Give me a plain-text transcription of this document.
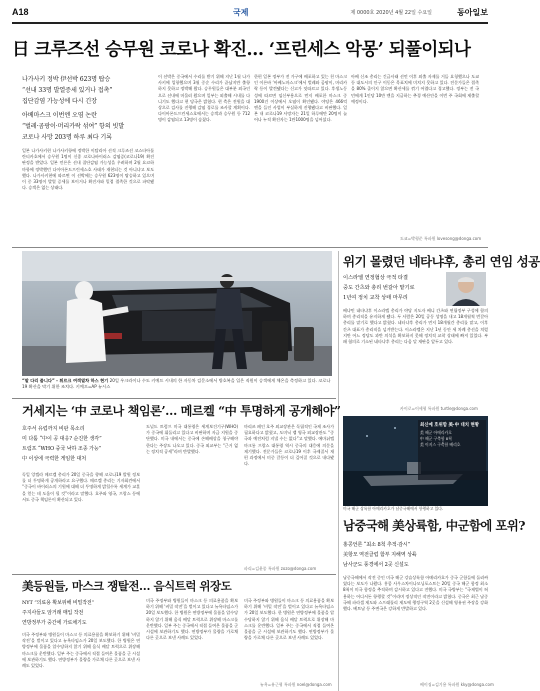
A18	국제	제 0000호 2020년 4월 22일 수요일	동아일보
日 크루즈선 승무원 코로나 확진… ‘프린세스 악몽’ 되풀이되나
나가사키 정박 伊선박 623명 탑승
“선내 33명 발열증세 있거나 접촉”
집단감염 가능성에 다시 긴장
아베마스크 이번엔 오염 논란
“벌레·곰팡이·머리카락 섞여” 항의 빗발
코로나 사망 203명 하루 최다 기록
일본 나가사키현 나가사키항에 정박한 이탈리아 선적 크루즈선 코스타아틀란티카호에서 승무원 1명이 신종 코로나바이러스 감염증(코로나19) 확진 판정을 받았다. 일본 언론은 선내 집단감염 가능성을 우려하며 2월 요코하마항에 정박했던 다이아몬드프린세스호 사태가 재현되는 것 아니냐고 보도했다. 나가사키현에 따르면 이 선박에는 승무원 623명이 탑승하고 있으며 이 중 33명이 발열 증세를 보이거나 확진자와 밀접 접촉한 것으로 파악됐다. 승객은 없는 상태다.
이 선박은 중국에서 수리를 받기 위해 지난 1월 나가사키에 입항했으며 3월 중순 수리가 끝났지만 출항하지 못하고 정박해 왔다. 승무원들은 대부분 외국인으로 선내에 머물러 왔으며 일부는 외출해 시내를 다니기도 했다고 현 당국은 밝혔다. 현 측은 전원을 대상으로 검사를 진행해 감염 경로를 조사할 계획이다. 다이아몬드프린세스호에서는 승객과 승무원 등 712명이 감염되고 13명이 숨졌다.
한편 일본 정부가 전 가구에 배포하고 있는 천 마스크인 이른바 ‘아베노마스크’에서 벌레와 곰팡이, 머리카락 등이 발견됐다는 신고가 잇따르고 있다. 후생노동성에 따르면 임신부용으로 먼저 배포한 마스크 중 1900건 이상에서 오염이 확인됐다. 야당은 466억 엔을 들인 사업이 부실하게 진행됐다고 비판했다. 일본 내 코로나19 사망자는 21일 하루에만 20명이 늘어나 누적 확진자는 1만1000명을 넘어섰다.
아베 신조 총리는 긴급사태 선언 이후 외출 자제를 거듭 요청했으나 도쿄 등 대도시의 인구 이동은 목표치에 미치지 못하고 있다. 전문가들은 접촉을 80% 줄이지 않으면 확산세를 꺾기 어렵다고 경고했다. 정부는 전 국민에게 1인당 10만 엔을 지급하는 추경 예산안을 이번 주 국회에 제출할 예정이다.
도쿄=박형준 특파원 lovesong@donga.com
“말 다리 줍니다” - 튀르크 여객열차 하스 현기 20일 우크라이나 수도 키예프 시내의 한 자동차 검문소에서 방호복을 입은 직원이 승객에게 체온을 측정하고 있다. 코로나19 확산을 막기 위한 조치다. 키예프=AP 뉴시스
위기 몰렸던 네타냐후, 총리 연임 성공
이스라엘 연정협상 극적 타결
중도 간츠와 총리 번갈아 맡기로
1년여 정치 교착 상태 마무리
베냐민 네타냐후 이스라엘 총리가 야당 지도자 베니 간츠와 연립정부 구성에 합의하며 총리직을 유지하게 됐다. 두 사람은 20일 공동 성명을 내고 18개월씩 번갈아 총리를 맡기로 했다고 밝혔다. 네타냐후 총리가 먼저 18개월간 총리를 맡고, 이후 간츠 대표가 총리직을 넘겨받는다. 이스라엘은 지난 1년 동안 세 차례 총선을 치렀지만 어느 정당도 과반 의석을 확보하지 못해 정치적 교착 상태에 빠져 있었다. 부패 혐의로 기소된 네타냐후 총리는 다음 달 재판을 앞두고 있다.
카이로=이세형 특파원 turtle@donga.com
거세지는 ‘中 코로나 책임론’… 메르켈 “中 투명하게 공개해야”
호주서 유럽까지 비판 목소리
미 다툼 “中이 공 대응? 순진한 생각”
트럼프 “WHO 중국 낙하 조종 가능”
中 이상에 극력한 게임한 대처
독일 앙겔라 메르켈 총리가 20일 중국을 향해 코로나19 발원 정보를 더 투명하게 공개하라고 요구했다. 메르켈 총리는 기자회견에서 “중국이 바이러스의 기원에 대해 더 투명하게 밝힐수록 세계가 교훈을 얻는 데 도움이 될 것”이라고 말했다. 호주와 영국, 프랑스 등에서도 중국 책임론이 확산되고 있다.
도널드 트럼프 미국 대통령은 세계보건기구(WHO)가 중국에 휘둘리고 있다고 비판하며 자금 지원을 중단했다. 미국 내에서는 중국에 손해배상을 청구해야 한다는 주장도 나오고 있다. 중국 외교부는 “근거 없는 정치적 공세”라며 반발했다.
마리즈 페인 호주 외교장관은 독립적인 국제 조사가 필요하다고 밝혔고, 도미닉 랩 영국 외교장관도 “중국과 예전처럼 지낼 수는 없다”고 말했다. 에마뉘엘 마크롱 프랑스 대통령 역시 중국의 대응에 의문을 제기했다. 전문가들은 코로나19 이후 국제질서 재편 과정에서 미중 갈등이 더 깊어질 것으로 내다봤다.
파리=김윤종 특파원 zozo@donga.com
최신예 호위함 美·中 대치 현황
美 해군 아메리카호
中 해군 구축함 8척
美 이지스 구축함 배리호
미국 해군 상륙함 아메리카호가 남중국해에서 항행하고 있다.
남중국해 美상륙함, 中군함에 포위?
홍콩언론 “최소 8척 추적·감시”
美항모 역전클럽 함부 지해역 상륙
남사군도 풍경에서 2곳 신설도
남중국해에서 작전 중인 미국 해군 강습상륙함 아메리카호가 중국 군함들에 둘러싸였다는 보도가 나왔다. 홍콩 사우스차이나모닝포스트는 20일 중국 해군 함정 최소 8척이 미국 함정을 추적하며 감시하고 있다고 전했다. 미국 국방부는 “국제법이 허용하는 어디서든 항행할 것”이라며 정상적인 작전이라고 밝혔다. 중국은 최근 남중국해 파라셀 제도와 스프래틀리 제도에 행정구역 2곳을 신설해 영유권 주장을 강화했다. 베트남 등 주변국은 강하게 반발하고 있다.
베이징=김기용 특파원 kky@donga.com
美등원들, 마스크 쟁탈전… 음식트럭 위장도
NYT “의료용 확보위해 비밀작전”
주지사들도 암거래 매입 작전
연방정부가 중간에 가로채기도
미국 주정부와 병원들이 마스크 등 의료용품을 확보하기 위해 ‘비밀 작전’을 벌이고 있다고 뉴욕타임스가 20일 보도했다. 한 병원은 연방정부에 물품을 압수당하지 않기 위해 음식 배달 트럭으로 위장해 마스크를 운반했다. 일부 주는 중국에서 직접 들여온 물품을 군 시설에 보관하기도 했다. 연방정부가 물량을 가로채 다른 곳으로 보낸 사례도 있었다.
미국 주정부와 병원들이 마스크 등 의료용품을 확보하기 위해 ‘비밀 작전’을 벌이고 있다고 뉴욕타임스가 20일 보도했다. 한 병원은 연방정부에 물품을 압수당하지 않기 위해 음식 배달 트럭으로 위장해 마스크를 운반했다. 일부 주는 중국에서 직접 들여온 물품을 군 시설에 보관하기도 했다. 연방정부가 물량을 가로채 다른 곳으로 보낸 사례도 있었다.
미국 주정부와 병원들이 마스크 등 의료용품을 확보하기 위해 ‘비밀 작전’을 벌이고 있다고 뉴욕타임스가 20일 보도했다. 한 병원은 연방정부에 물품을 압수당하지 않기 위해 음식 배달 트럭으로 위장해 마스크를 운반했다. 일부 주는 중국에서 직접 들여온 물품을 군 시설에 보관하기도 했다. 연방정부가 물량을 가로채 다른 곳으로 보낸 사례도 있었다.
뉴욕=유근형 특파원 noel@donga.com
